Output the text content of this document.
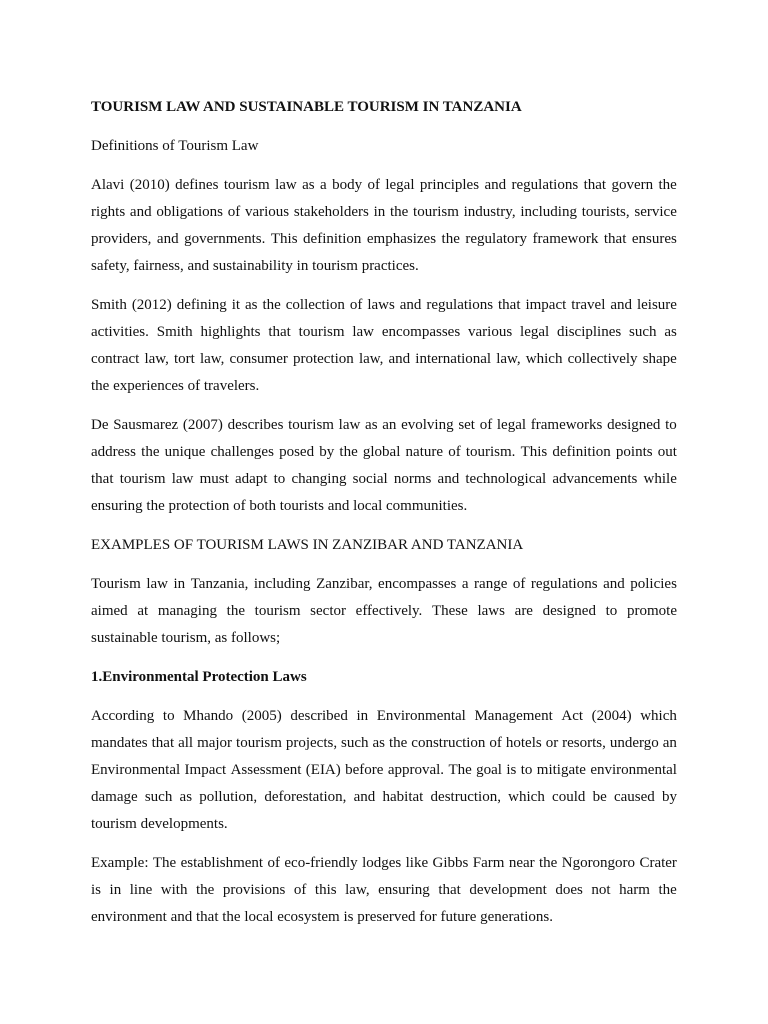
TOURISM LAW AND SUSTAINABLE TOURISM IN TANZANIA
Definitions of Tourism Law
Alavi (2010) defines tourism law as a body of legal principles and regulations that govern the
rights and obligations of various stakeholders in the tourism industry, including tourists, service
providers, and governments. This definition emphasizes the regulatory framework that ensures
safety, fairness, and sustainability in tourism practices.
Smith (2012) defining it as the collection of laws and regulations that impact travel and leisure
activities. Smith highlights that tourism law encompasses various legal disciplines such as
contract law, tort law, consumer protection law, and international law, which collectively shape
the experiences of travelers.
De Sausmarez (2007) describes tourism law as an evolving set of legal frameworks designed to
address the unique challenges posed by the global nature of tourism. This definition points out
that tourism law must adapt to changing social norms and technological advancements while
ensuring the protection of both tourists and local communities.
EXAMPLES OF TOURISM LAWS IN ZANZIBAR AND TANZANIA
Tourism law in Tanzania, including Zanzibar, encompasses a range of regulations and policies
aimed at managing the tourism sector effectively. These laws are designed to promote
sustainable tourism, as follows;
1.Environmental Protection Laws
According to Mhando (2005) described in Environmental Management Act (2004) which
mandates that all major tourism projects, such as the construction of hotels or resorts, undergo an
Environmental Impact Assessment (EIA) before approval. The goal is to mitigate environmental
damage such as pollution, deforestation, and habitat destruction, which could be caused by
tourism developments.
Example: The establishment of eco-friendly lodges like Gibbs Farm near the Ngorongoro Crater
is in line with the provisions of this law, ensuring that development does not harm the
environment and that the local ecosystem is preserved for future generations.
